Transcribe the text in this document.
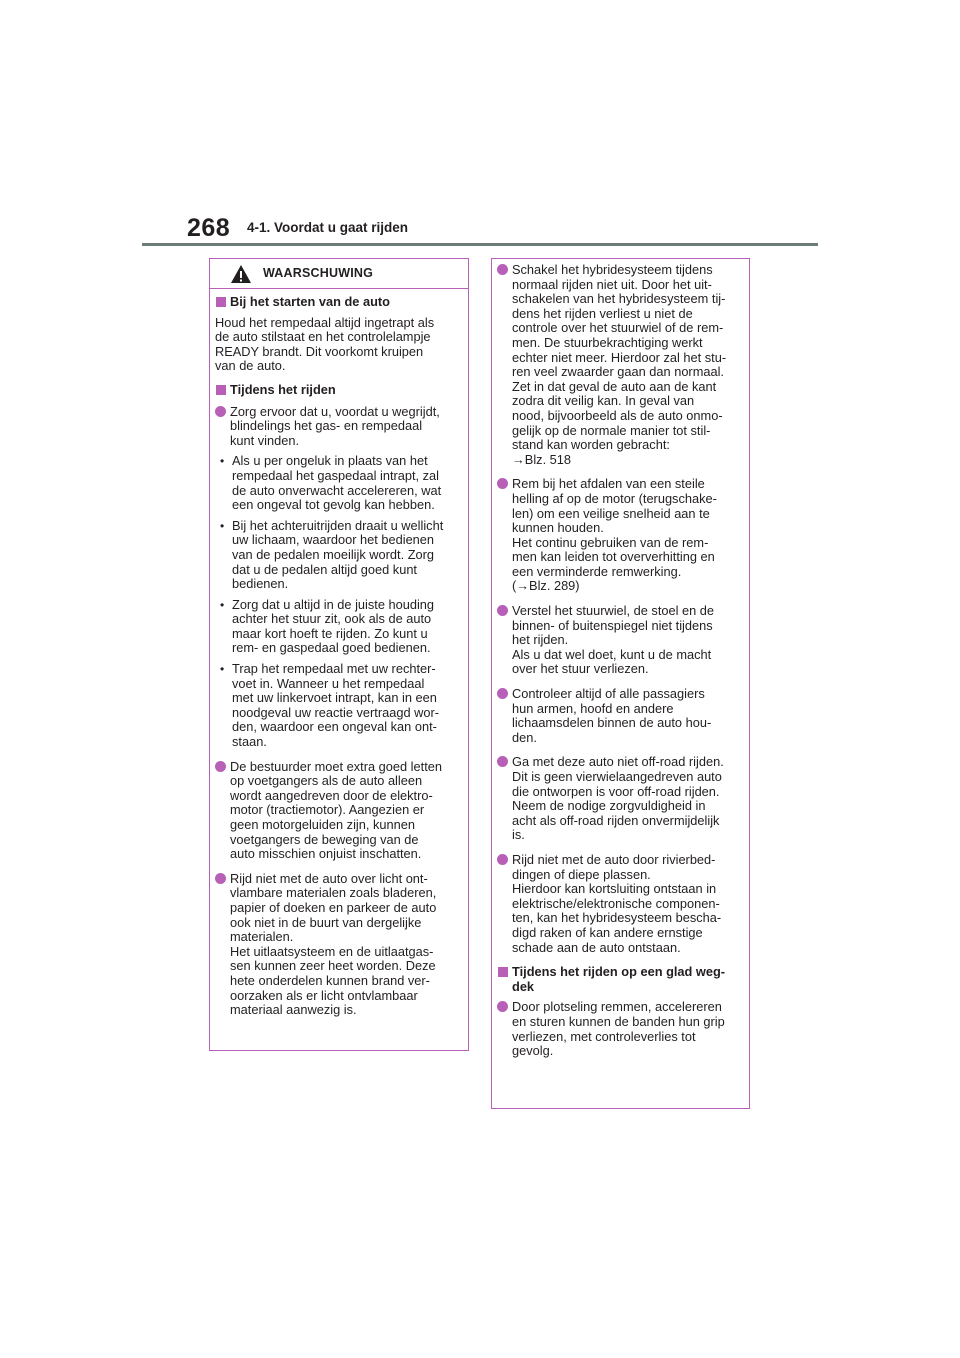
268 4-1. Voordat u gaat rijden
WAARSCHUWING
Bij het starten van de auto
Houd het rempedaal altijd ingetrapt als
de auto stilstaat en het controlelampje
READY brandt. Dit voorkomt kruipen
van de auto.
Tijdens het rijden
Zorg ervoor dat u, voordat u wegrijdt,
blindelings het gas- en rempedaal
kunt vinden.
• Als u per ongeluk in plaats van het
rempedaal het gaspedaal intrapt, zal
de auto onverwacht accelereren, wat
een ongeval tot gevolg kan hebben.
• Bij het achteruitrijden draait u wellicht
uw lichaam, waardoor het bedienen
van de pedalen moeilijk wordt. Zorg
dat u de pedalen altijd goed kunt
bedienen.
• Zorg dat u altijd in de juiste houding
achter het stuur zit, ook als de auto
maar kort hoeft te rijden. Zo kunt u
rem- en gaspedaal goed bedienen.
• Trap het rempedaal met uw rechter-
voet in. Wanneer u het rempedaal
met uw linkervoet intrapt, kan in een
noodgeval uw reactie vertraagd wor-
den, waardoor een ongeval kan ont-
staan.
De bestuurder moet extra goed letten
op voetgangers als de auto alleen
wordt aangedreven door de elektro-
motor (tractiemotor). Aangezien er
geen motorgeluiden zijn, kunnen
voetgangers de beweging van de
auto misschien onjuist inschatten.
Rijd niet met de auto over licht ont-
vlambare materialen zoals bladeren,
papier of doeken en parkeer de auto
ook niet in de buurt van dergelijke
materialen.
Het uitlaatsysteem en de uitlaatgas-
sen kunnen zeer heet worden. Deze
hete onderdelen kunnen brand ver-
oorzaken als er licht ontvlambaar
materiaal aanwezig is.
Schakel het hybridesysteem tijdens
normaal rijden niet uit. Door het uit-
schakelen van het hybridesysteem tij-
dens het rijden verliest u niet de
controle over het stuurwiel of de rem-
men. De stuurbekrachtiging werkt
echter niet meer. Hierdoor zal het stu-
ren veel zwaarder gaan dan normaal.
Zet in dat geval de auto aan de kant
zodra dit veilig kan. In geval van
nood, bijvoorbeeld als de auto onmo-
gelijk op de normale manier tot stil-
stand kan worden gebracht:
→Blz. 518
Rem bij het afdalen van een steile
helling af op de motor (terugschake-
len) om een veilige snelheid aan te
kunnen houden.
Het continu gebruiken van de rem-
men kan leiden tot oververhitting en
een verminderde remwerking.
(→Blz. 289)
Verstel het stuurwiel, de stoel en de
binnen- of buitenspiegel niet tijdens
het rijden.
Als u dat wel doet, kunt u de macht
over het stuur verliezen.
Controleer altijd of alle passagiers
hun armen, hoofd en andere
lichaamsdelen binnen de auto hou-
den.
Ga met deze auto niet off-road rijden.
Dit is geen vierwielaangedreven auto
die ontworpen is voor off-road rijden.
Neem de nodige zorgvuldigheid in
acht als off-road rijden onvermijdelijk
is.
Rijd niet met de auto door rivierbed-
dingen of diepe plassen.
Hierdoor kan kortsluiting ontstaan in
elektrische/elektronische componen-
ten, kan het hybridesysteem bescha-
digd raken of kan andere ernstige
schade aan de auto ontstaan.
Tijdens het rijden op een glad weg-
dek
Door plotseling remmen, accelereren
en sturen kunnen de banden hun grip
verliezen, met controleverlies tot
gevolg.
